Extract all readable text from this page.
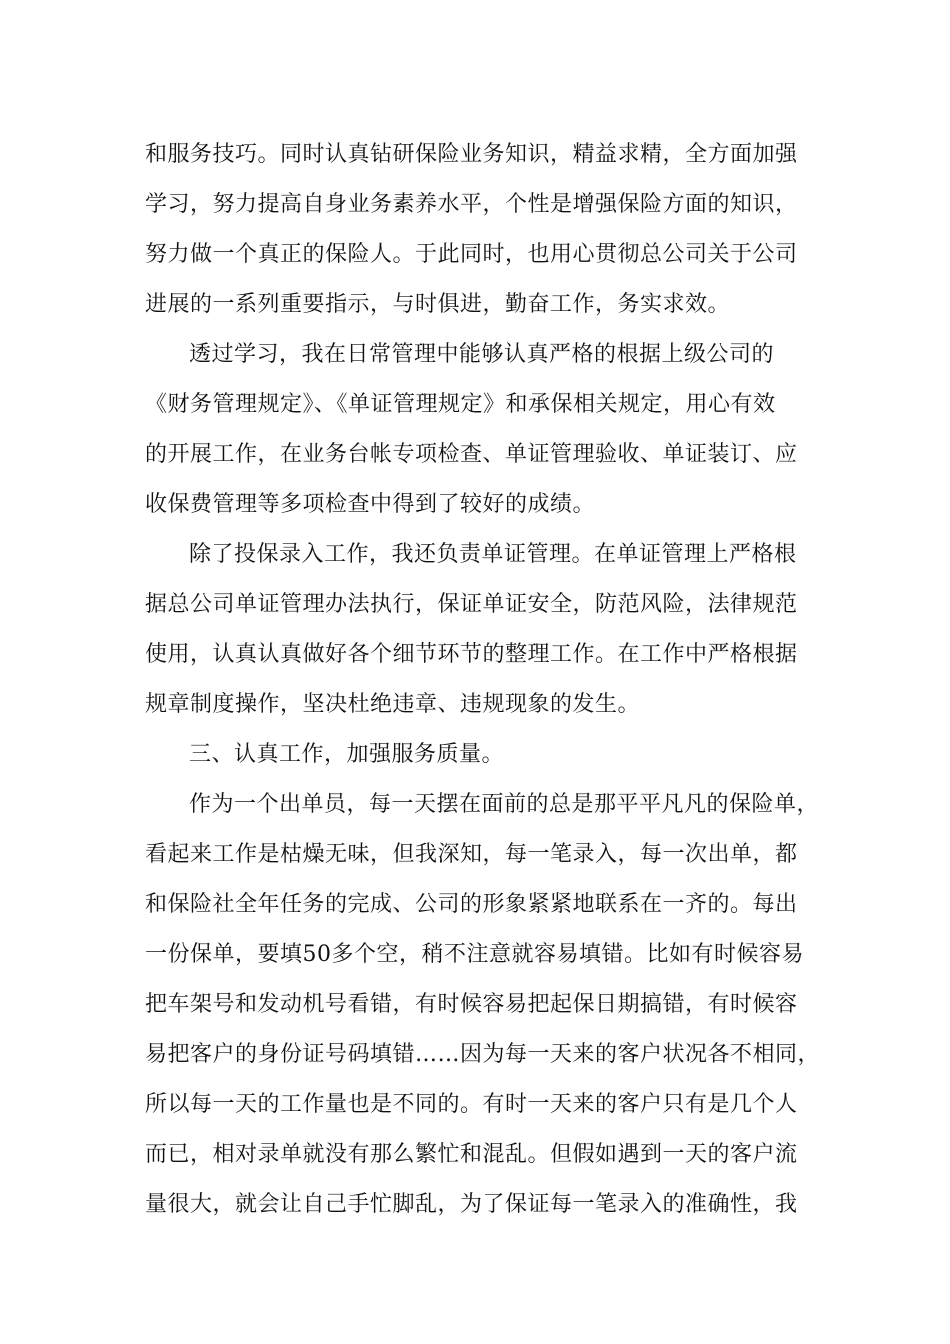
和服务技巧。同时认真钻研保险业务知识，精益求精，全方面加强
学习，努力提高自身业务素养水平，个性是增强保险方面的知识，
努力做一个真正的保险人。于此同时，也用心贯彻总公司关于公司
进展的一系列重要指示，与时俱进，勤奋工作，务实求效。
透过学习，我在日常管理中能够认真严格的根据上级公司的
《财务管理规定》、《单证管理规定》和承保相关规定，用心有效
的开展工作，在业务台帐专项检查、单证管理验收、单证装订、应
收保费管理等多项检查中得到了较好的成绩。
除了投保录入工作，我还负责单证管理。在单证管理上严格根
据总公司单证管理办法执行，保证单证安全，防范风险，法律规范
使用，认真认真做好各个细节环节的整理工作。在工作中严格根据
规章制度操作，坚决杜绝违章、违规现象的发生。
三、认真工作，加强服务质量。
作为一个出单员，每一天摆在面前的总是那平平凡凡的保险单，
看起来工作是枯燥无味，但我深知，每一笔录入，每一次出单，都
和保险社全年任务的完成、公司的形象紧紧地联系在一齐的。每出
一份保单，要填50多个空，稍不注意就容易填错。比如有时候容易
把车架号和发动机号看错，有时候容易把起保日期搞错，有时候容
易把客户的身份证号码填错……因为每一天来的客户状况各不相同，
所以每一天的工作量也是不同的。有时一天来的客户只有是几个人
而已，相对录单就没有那么繁忙和混乱。但假如遇到一天的客户流
量很大，就会让自己手忙脚乱，为了保证每一笔录入的准确性，我
